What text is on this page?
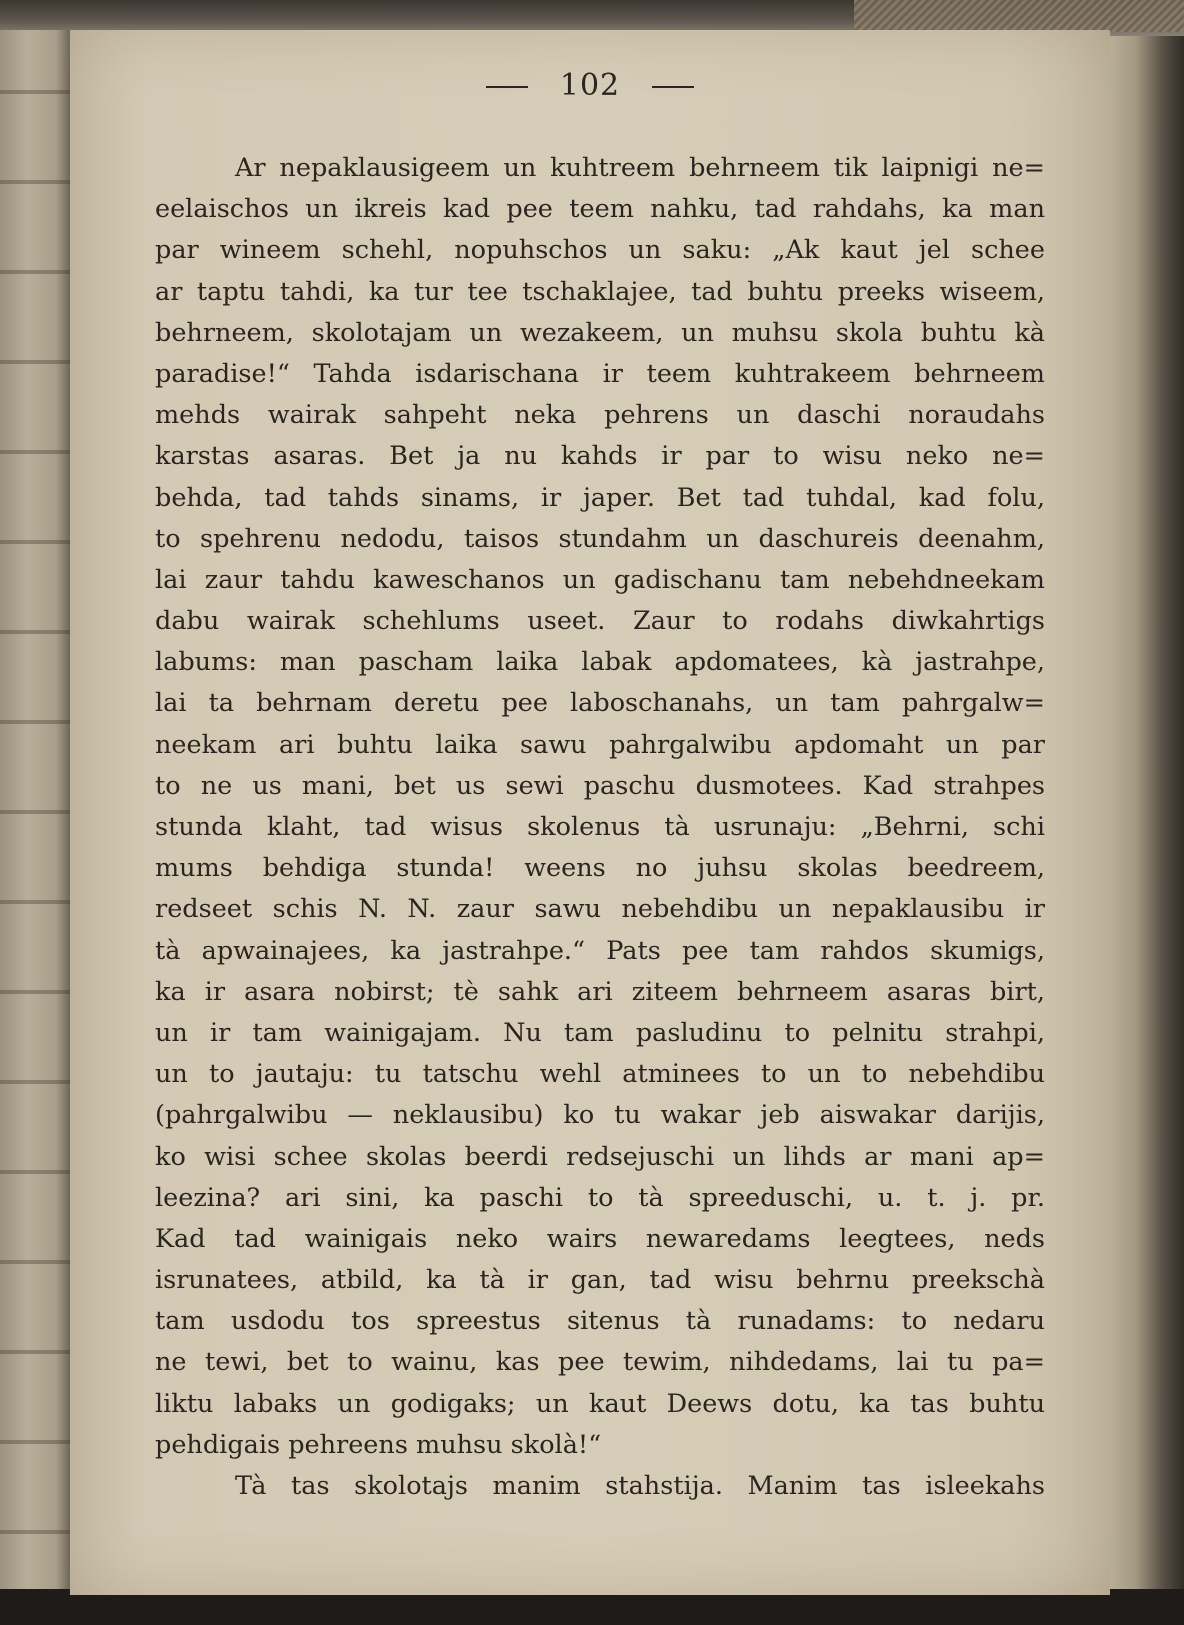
102
Ar nepaklausigeem un kuhtreem behrneem tik laipnigi ne=
eelaischos un ikreis kad pee teem nahku, tad rahdahs, ka man
par wineem schehl, nopuhschos un saku: „Ak kaut jel schee
ar taptu tahdi, ka tur tee tschaklajee, tad buhtu preeks wiseem,
behrneem, skolotajam un wezakeem, un muhsu skola buhtu kà
paradise!“ Tahda isdarischana ir teem kuhtrakeem behrneem
mehds wairak sahpeht neka pehrens un daschi noraudahs
karstas asaras. Bet ja nu kahds ir par to wisu neko ne=
behda, tad tahds sinams, ir japer. Bet tad tuhdal, kad folu,
to spehrenu nedodu, taisos stundahm un daschureis deenahm,
lai zaur tahdu kaweschanos un gadischanu tam nebehdneekam
dabu wairak schehlums useet. Zaur to rodahs diwkahrtigs
labums: man pascham laika labak apdomatees, kà jastrahpe,
lai ta behrnam deretu pee laboschanahs, un tam pahrgalw=
neekam ari buhtu laika sawu pahrgalwibu apdomaht un par
to ne us mani, bet us sewi paschu dusmotees. Kad strahpes
stunda klaht, tad wisus skolenus tà usrunaju: „Behrni, schi
mums behdiga stunda! weens no juhsu skolas beedreem,
redseet schis N. N. zaur sawu nebehdibu un nepaklausibu ir
tà apwainajees, ka jastrahpe.“ Pats pee tam rahdos skumigs,
ka ir asara nobirst; tè sahk ari ziteem behrneem asaras birt,
un ir tam wainigajam. Nu tam pasludinu to pelnitu strahpi,
un to jautaju: tu tatschu wehl atminees to un to nebehdibu
(pahrgalwibu — neklausibu) ko tu wakar jeb aiswakar dariјis,
ko wisi schee skolas beerdi redsejuschi un lihds ar mani ap=
leezina? ari sini, ka paschi to tà spreeduschi, u. t. j. pr.
Kad tad wainigais neko wairs newaredams leegtees, neds
isrunatees, atbild, ka tà ir gan, tad wisu behrnu preekschà
tam usdodu tos spreestus sitenus tà runadams: to nedaru
ne tewi, bet to wainu, kas pee tewim, nihdedams, lai tu pa=
liktu labaks un godigaks; un kaut Deews dotu, ka tas buhtu
pehdigais pehreens muhsu skolà!“
Tà tas skolotajs manim stahstija. Manim tas isleekahs
